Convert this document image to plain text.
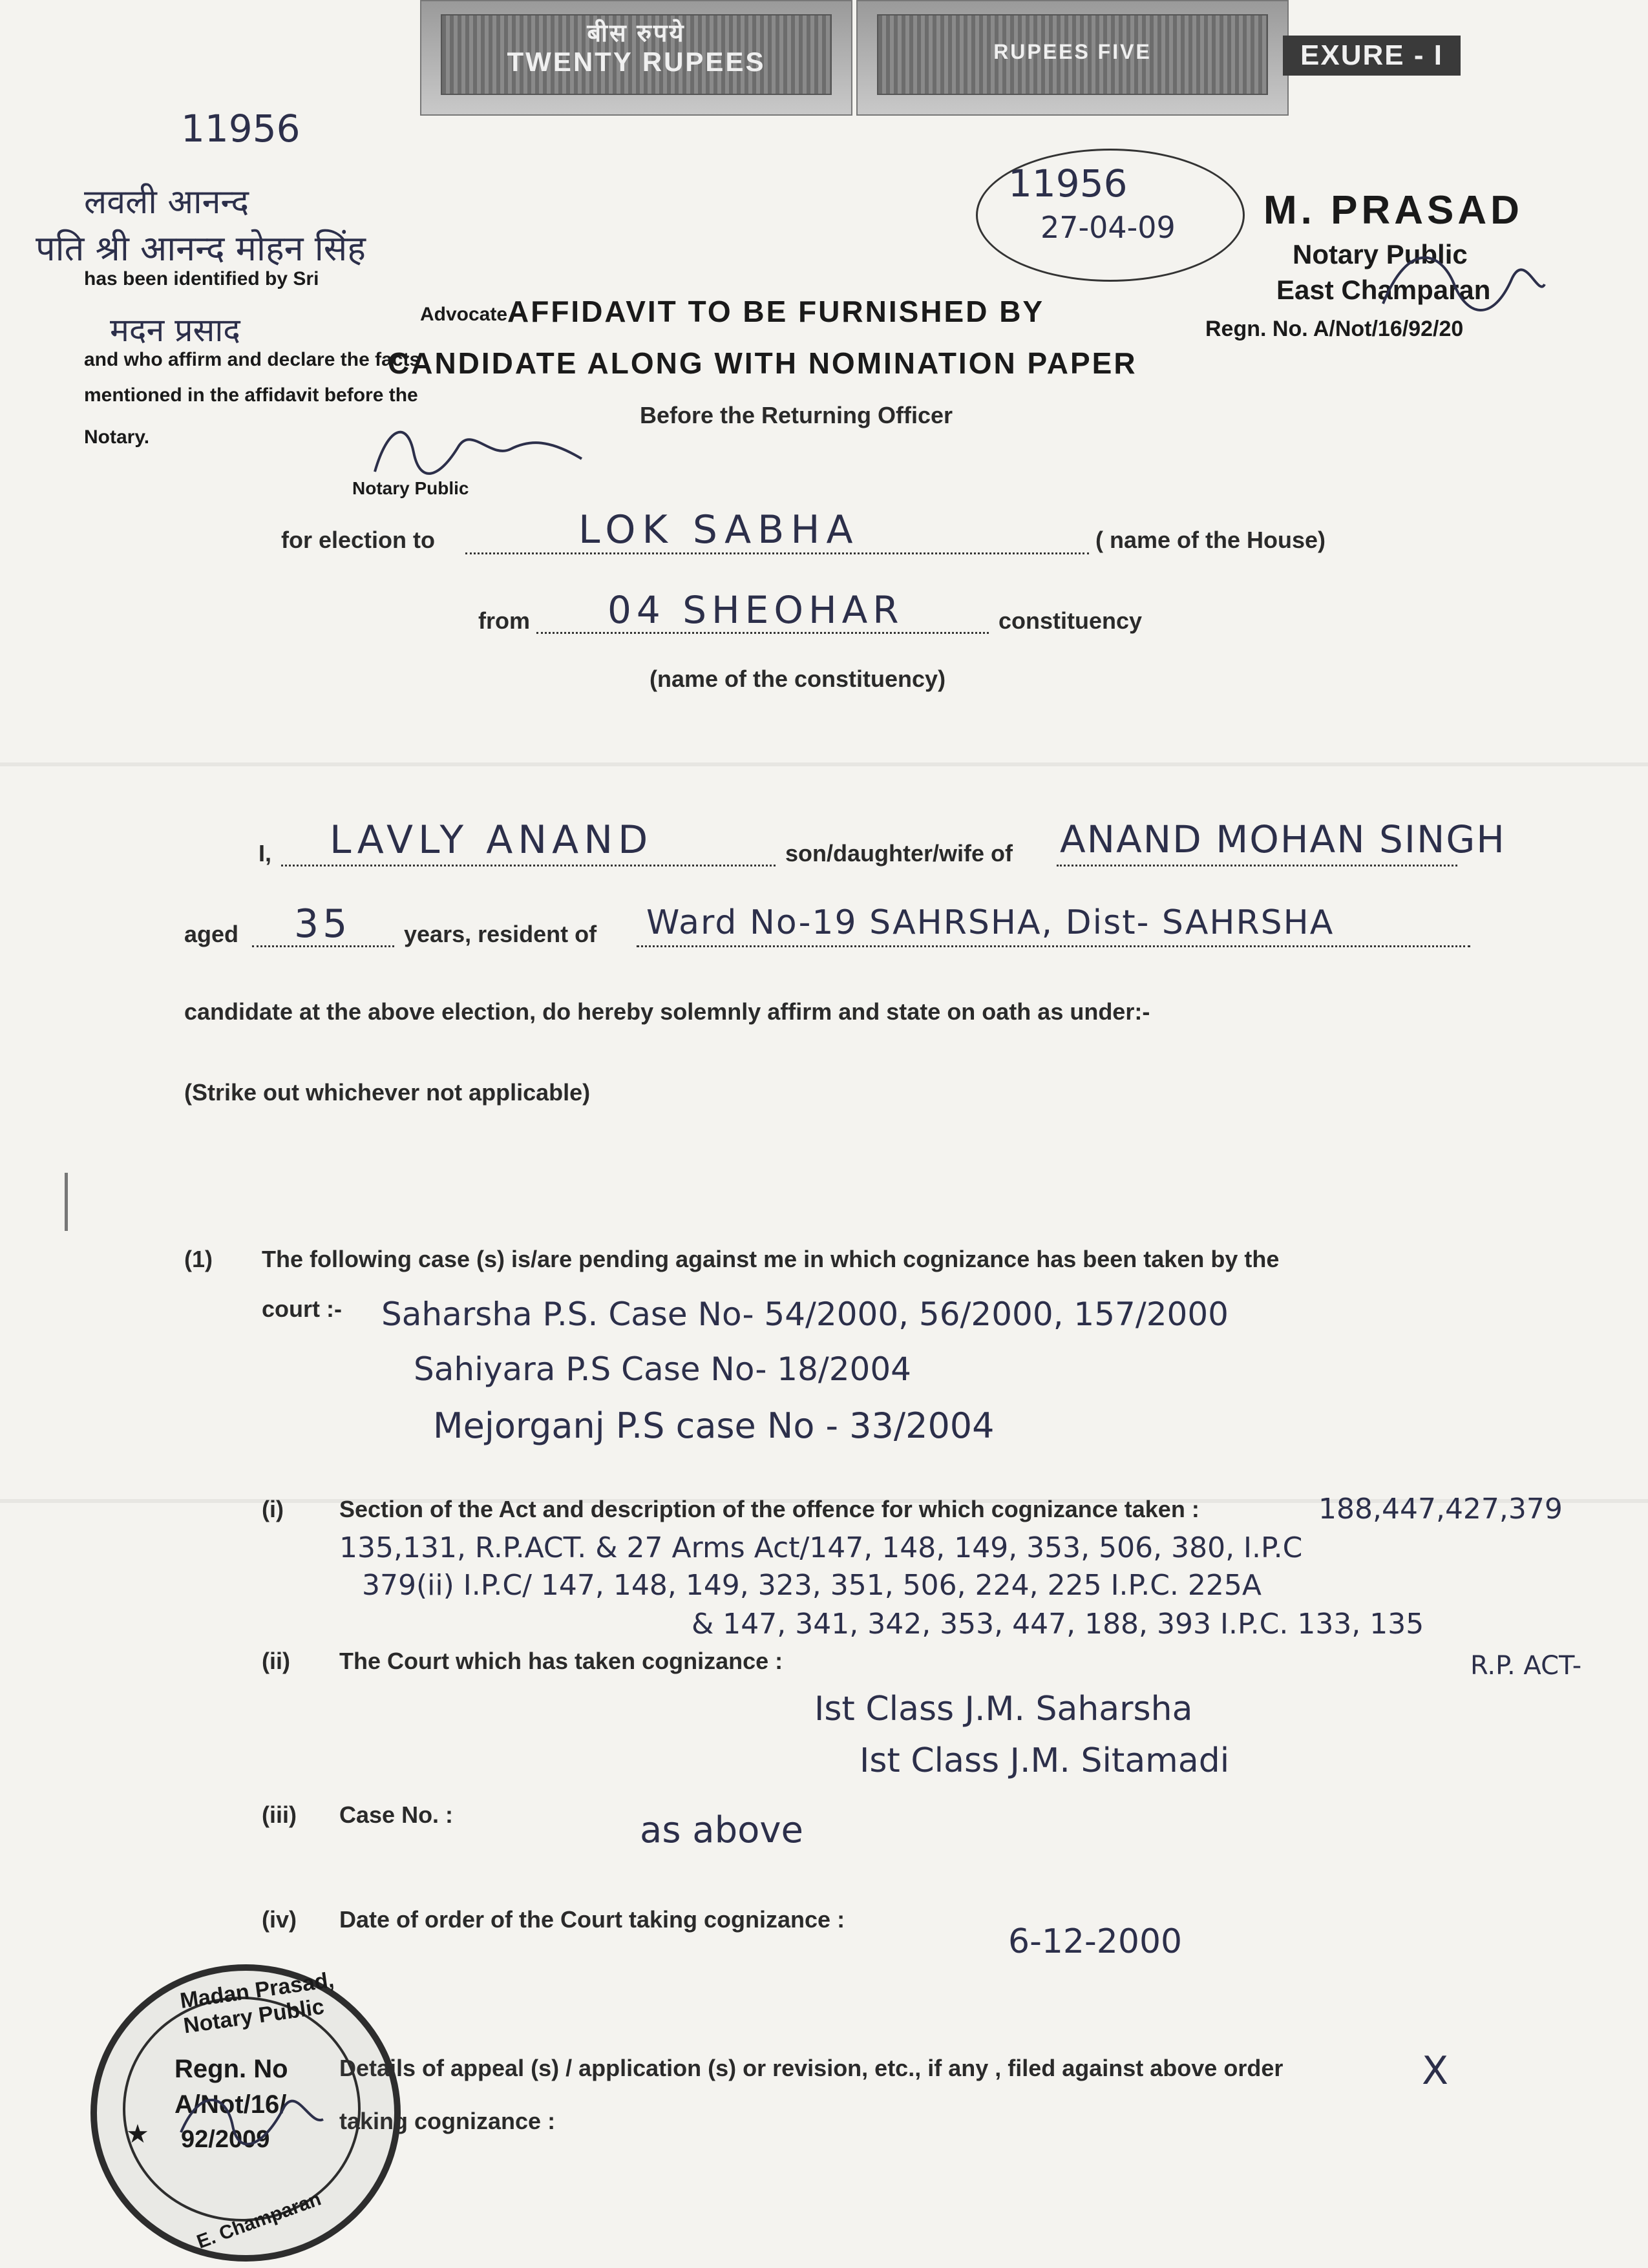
बीस रुपये
TWENTY RUPEES	RUPEES FIVE	EXURE - I
11956
लवली आनन्द
पति श्री आनन्द मोहन सिंह
has been identified by Sri
मदन प्रसाद	Advocate
and who affirm and declare the facts
mentioned in the affidavit before the
Notary.
Notary Public
11956
27-04-09 M. PRASAD
Notary Public
East Champaran
Regn. No. A/Not/16/92/20
AFFIDAVIT TO BE FURNISHED BY
CANDIDATE ALONG WITH NOMINATION PAPER
Before the Returning Officer
for election to	LOK SABHA	( name of the House)
from 04 SHEOHAR	constituency
(name of the constituency)
I, LAVLY ANAND	son/daughter/wife of ANAND MOHAN SINGH
aged 35 years, resident of Ward No-19 SAHRSHA, Dist- SAHRSHA
candidate at the above election, do hereby solemnly affirm and state on oath as under:-
(Strike out whichever not applicable)
(1) The following case (s) is/are pending against me in which cognizance has been taken by the
court :- Saharsha P.S. Case No- 54/2000, 56/2000, 157/2000
Sahiyara P.S Case No- 18/2004
Mejorganj P.S case No - 33/2004
(i) Section of the Act and description of the offence for which cognizance taken :	188,447,427,379
135,131, R.P.ACT. & 27 Arms Act/147, 148, 149, 353, 506, 380, I.P.C
379(ii) I.P.C/ 147, 148, 149, 323, 351, 506, 224, 225 I.P.C. 225A
& 147, 341, 342, 353, 447, 188, 393 I.P.C. 133, 135
R.P. ACT-
(ii) The Court which has taken cognizance :
Ist Class J.M. Saharsha
Ist Class J.M. Sitamadi
(iii) Case No. :	as above
(iv) Date of order of the Court taking cognizance :
6-12-2000
Details of appeal (s) / application (s) or revision, etc., if any , filed against above order
taking cognizance :
X
Madan Prasad, Notary Public
Regn. No
A/Not/16/
92/2009
E. Champaran
★
